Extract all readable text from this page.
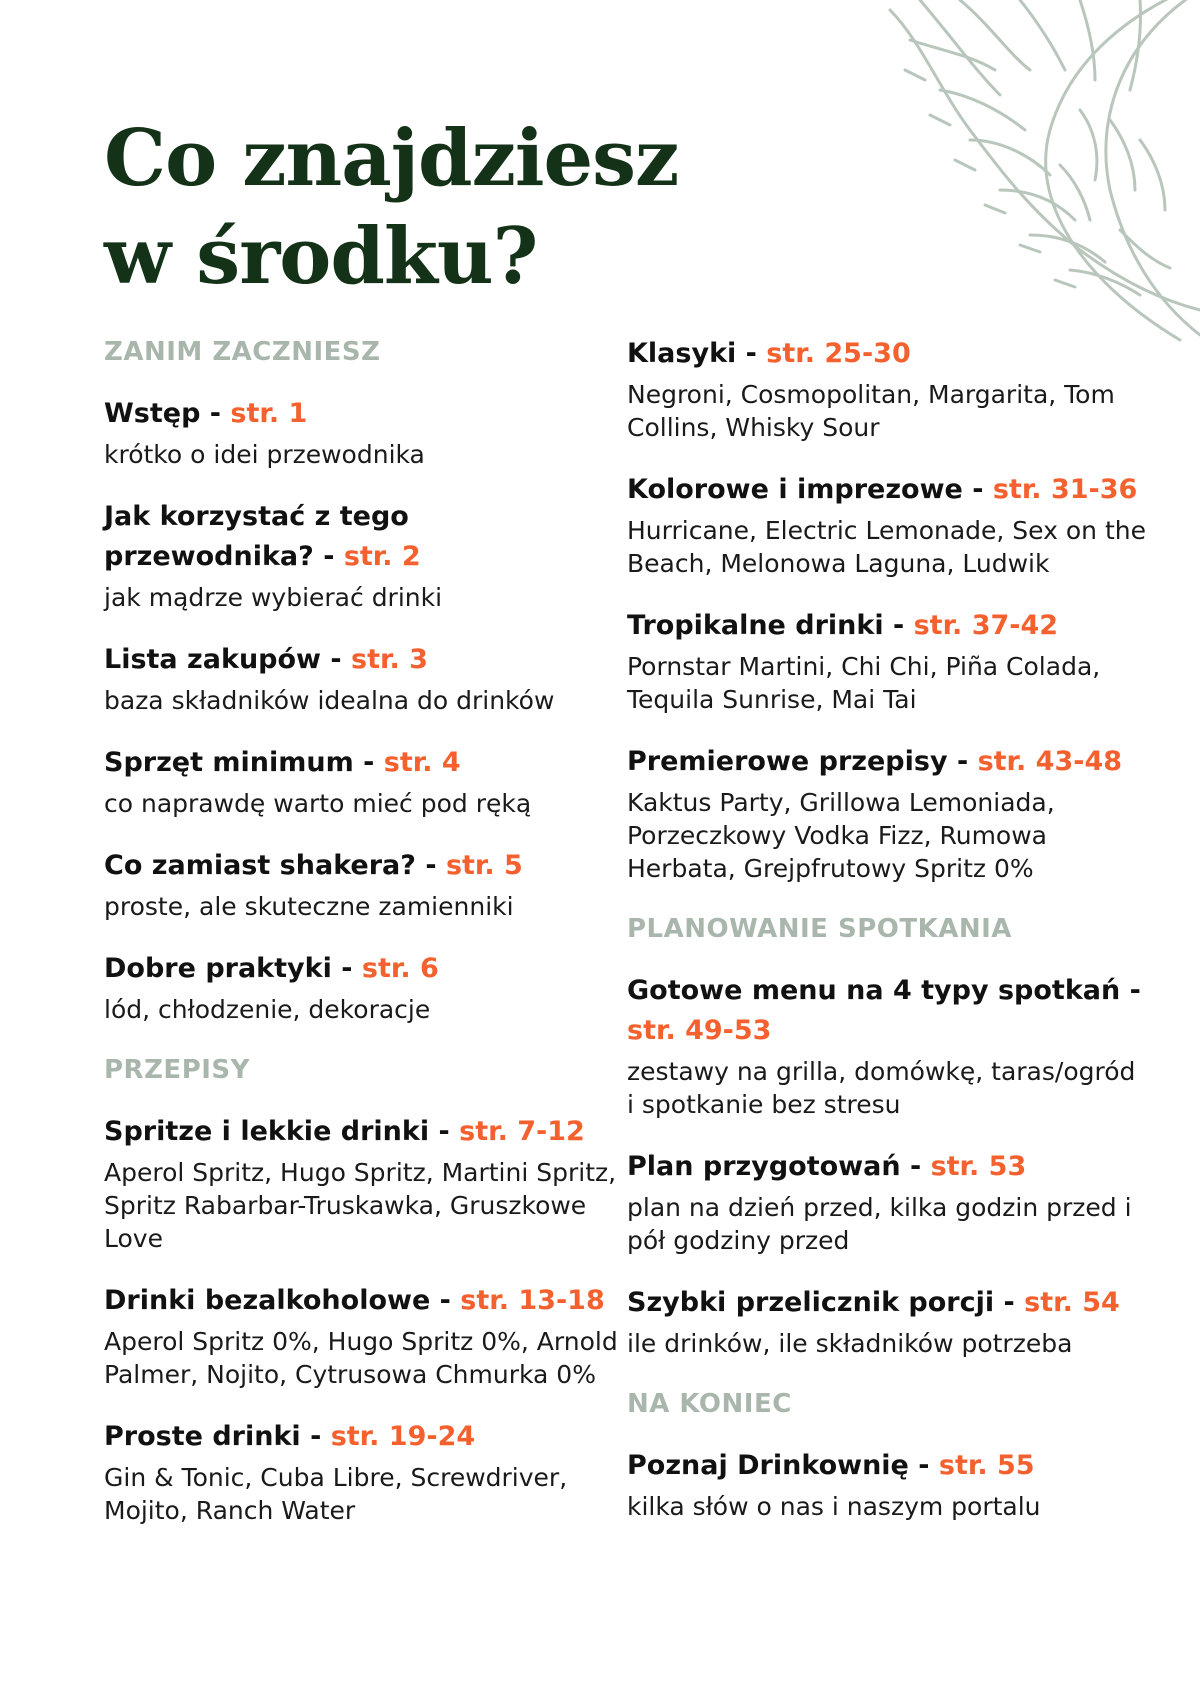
Co znajdziesz
w środku?
ZANIM ZACZNIESZ
Wstęp - str. 1
krótko o idei przewodnika
Jak korzystać z tego przewodnika? - str. 2
jak mądrze wybierać drinki
Lista zakupów - str. 3
baza składników idealna do drinków
Sprzęt minimum - str. 4
co naprawdę warto mieć pod ręką
Co zamiast shakera? - str. 5
proste, ale skuteczne zamienniki
Dobre praktyki - str. 6
lód, chłodzenie, dekoracje
PRZEPISY
Spritze i lekkie drinki - str. 7-12
Aperol Spritz, Hugo Spritz, Martini Spritz, Spritz Rabarbar-Truskawka, Gruszkowe Love
Drinki bezalkoholowe - str. 13-18
Aperol Spritz 0%, Hugo Spritz 0%, Arnold Palmer, Nojito, Cytrusowa Chmurka 0%
Proste drinki - str. 19-24
Gin & Tonic, Cuba Libre, Screwdriver, Mojito, Ranch Water
Klasyki - str. 25-30
Negroni, Cosmopolitan, Margarita, Tom Collins, Whisky Sour
Kolorowe i imprezowe - str. 31-36
Hurricane, Electric Lemonade, Sex on the Beach, Melonowa Laguna, Ludwik
Tropikalne drinki - str. 37-42
Pornstar Martini, Chi Chi, Piña Colada, Tequila Sunrise, Mai Tai
Premierowe przepisy - str. 43-48
Kaktus Party, Grillowa Lemoniada, Porzeczkowy Vodka Fizz, Rumowa Herbata, Grejpfrutowy Spritz 0%
PLANOWANIE SPOTKANIA
Gotowe menu na 4 typy spotkań - str. 49-53
zestawy na grilla, domówkę, taras/ogród i spotkanie bez stresu
Plan przygotowań - str. 53
plan na dzień przed, kilka godzin przed i pół godziny przed
Szybki przelicznik porcji - str. 54
ile drinków, ile składników potrzeba
NA KONIEC
Poznaj Drinkownię - str. 55
kilka słów o nas i naszym portalu
